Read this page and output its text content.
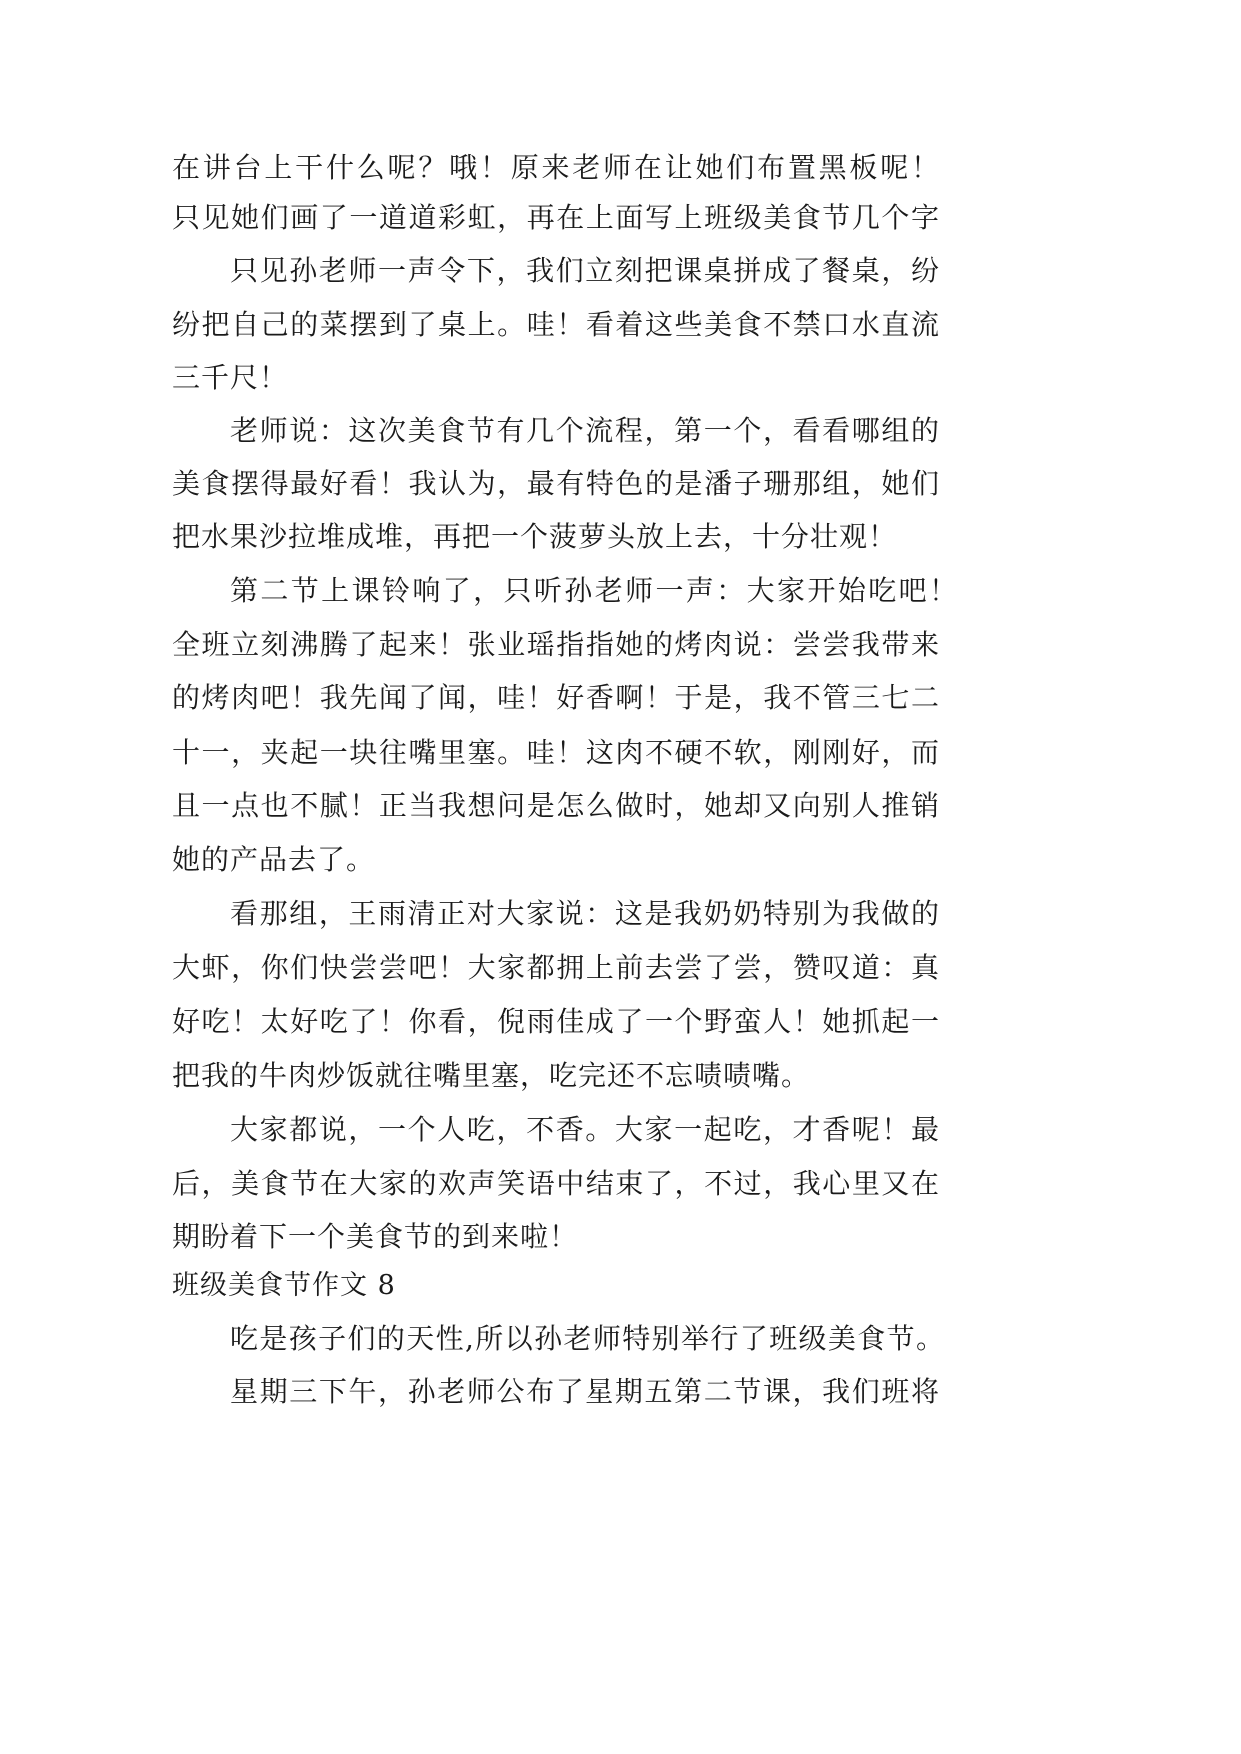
在讲台上干什么呢？哦！原来老师在让她们布置黑板呢！
只见她们画了一道道彩虹，再在上面写上班级美食节几个字
只见孙老师一声令下，我们立刻把课桌拼成了餐桌，纷
纷把自己的菜摆到了桌上。哇！看着这些美食不禁口水直流
三千尺！
老师说：这次美食节有几个流程，第一个，看看哪组的
美食摆得最好看！我认为，最有特色的是潘子珊那组，她们
把水果沙拉堆成堆，再把一个菠萝头放上去，十分壮观！
第二节上课铃响了，只听孙老师一声：大家开始吃吧！
全班立刻沸腾了起来！张业瑶指指她的烤肉说：尝尝我带来
的烤肉吧！我先闻了闻，哇！好香啊！于是，我不管三七二
十一，夹起一块往嘴里塞。哇！这肉不硬不软，刚刚好，而
且一点也不腻！正当我想问是怎么做时，她却又向别人推销
她的产品去了。
看那组，王雨清正对大家说：这是我奶奶特别为我做的
大虾，你们快尝尝吧！大家都拥上前去尝了尝，赞叹道：真
好吃！太好吃了！你看，倪雨佳成了一个野蛮人！她抓起一
把我的牛肉炒饭就往嘴里塞，吃完还不忘啧啧嘴。
大家都说，一个人吃，不香。大家一起吃，才香呢！最
后，美食节在大家的欢声笑语中结束了，不过，我心里又在
期盼着下一个美食节的到来啦！
班级美食节作文 8
吃是孩子们的天性,所以孙老师特别举行了班级美食节。
星期三下午，孙老师公布了星期五第二节课，我们班将
